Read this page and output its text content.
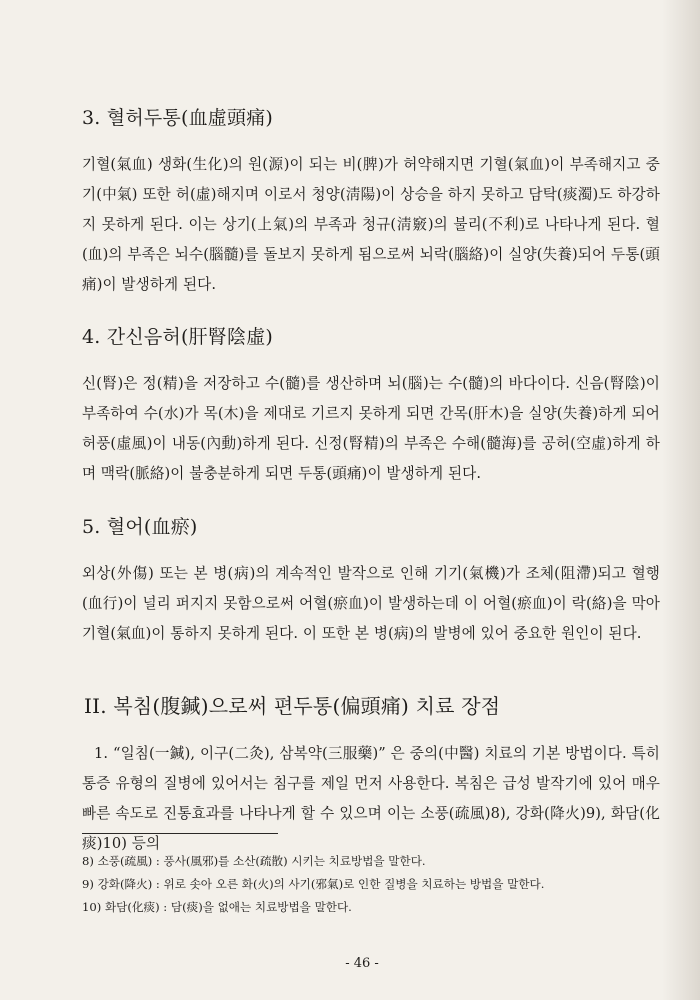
3. 혈허두통(血虛頭痛)

기혈(氣血) 생화(生化)의 원(源)이 되는 비(脾)가 허약해지면 기혈(氣血)이 부족해지고 중기(中氣) 또한 허(虛)해지며 이로서 청양(淸陽)이 상승을 하지 못하고 담탁(痰濁)도 하강하지 못하게 된다. 이는 상기(上氣)의 부족과 청규(淸竅)의 불리(不利)로 나타나게 된다. 혈(血)의 부족은 뇌수(腦髓)를 돌보지 못하게 됨으로써 뇌락(腦絡)이 실양(失養)되어 두통(頭痛)이 발생하게 된다.

4. 간신음허(肝腎陰虛)

신(腎)은 정(精)을 저장하고 수(髓)를 생산하며 뇌(腦)는 수(髓)의 바다이다. 신음(腎陰)이 부족하여 수(水)가 목(木)을 제대로 기르지 못하게 되면 간목(肝木)을 실양(失養)하게 되어 허풍(虛風)이 내동(內動)하게 된다. 신정(腎精)의 부족은 수해(髓海)를 공허(空虛)하게 하며 맥락(脈絡)이 불충분하게 되면 두통(頭痛)이 발생하게 된다.

5. 혈어(血瘀)

외상(外傷) 또는 본 병(病)의 계속적인 발작으로 인해 기기(氣機)가 조체(阻滯)되고 혈행(血行)이 널리 퍼지지 못함으로써 어혈(瘀血)이 발생하는데 이 어혈(瘀血)이 락(絡)을 막아 기혈(氣血)이 통하지 못하게 된다. 이 또한 본 병(病)의 발병에 있어 중요한 원인이 된다.

II. 복침(腹鍼)으로써 편두통(偏頭痛) 치료 장점

1. “일침(一鍼), 이구(二灸), 삼복약(三服藥)” 은 중의(中醫) 치료의 기본 방법이다. 특히 통증 유형의 질병에 있어서는 침구를 제일 먼저 사용한다. 복침은 급성 발작기에 있어 매우 빠른 속도로 진통효과를 나타나게 할 수 있으며 이는 소풍(疏風)8), 강화(降火)9), 화담(化痰)10) 등의

8) 소풍(疏風) : 풍사(風邪)를 소산(疏散) 시키는 치료방법을 말한다.
9) 강화(降火) : 위로 솟아 오른 화(火)의 사기(邪氣)로 인한 질병을 치료하는 방법을 말한다.
10) 화담(化痰) : 담(痰)을 없애는 치료방법을 말한다.
- 46 -
